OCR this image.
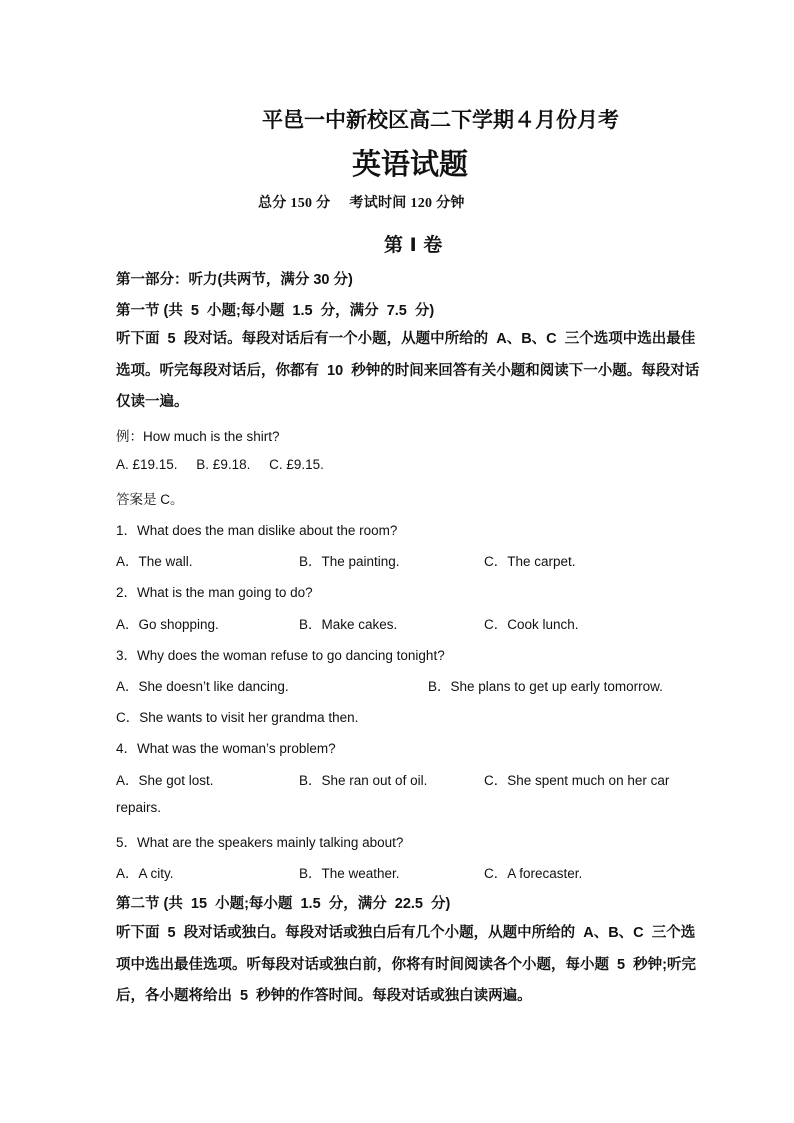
平邑一中新校区高二下学期４月份月考
英语试题
总分 150 分     考试时间 120 分钟
第 Ⅰ 卷
第一部分：听力(共两节，满分 30 分)
第一节 (共  5  小题;每小题  1.5  分，满分  7.5  分)
听下面  5  段对话。每段对话后有一个小题，从题中所给的  A、B、C  三个选项中选出最佳选项。听完每段对话后，你都有  10  秒钟的时间来回答有关小题和阅读下一小题。每段对话仅读一遍。
例：How much is the shirt?
A. £19.15.     B. £9.18.     C. £9.15.
答案是 C。
1．What does the man dislike about the room?
A．The wall.	B．The painting.	C．The carpet.
2．What is the man going to do?
A．Go shopping.	B．Make cakes.	C．Cook lunch.
3．Why does the woman refuse to go dancing tonight?
A．She doesn’t like dancing.	B．She plans to get up early tomorrow.
C．She wants to visit her grandma then.
4．What was the woman’s problem?
A．She got lost.	B．She ran out of oil.	C．She spent much on her car
repairs.
5．What are the speakers mainly talking about?
A．A city.	B．The weather.	C．A forecaster.
第二节 (共  15  小题;每小题  1.5  分，满分  22.5  分)
听下面  5  段对话或独白。每段对话或独白后有几个小题，从题中所给的  A、B、C  三个选项中选出最佳选项。听每段对话或独白前，你将有时间阅读各个小题，每小题  5  秒钟;听完后，各小题将给出  5  秒钟的作答时间。每段对话或独白读两遍。
